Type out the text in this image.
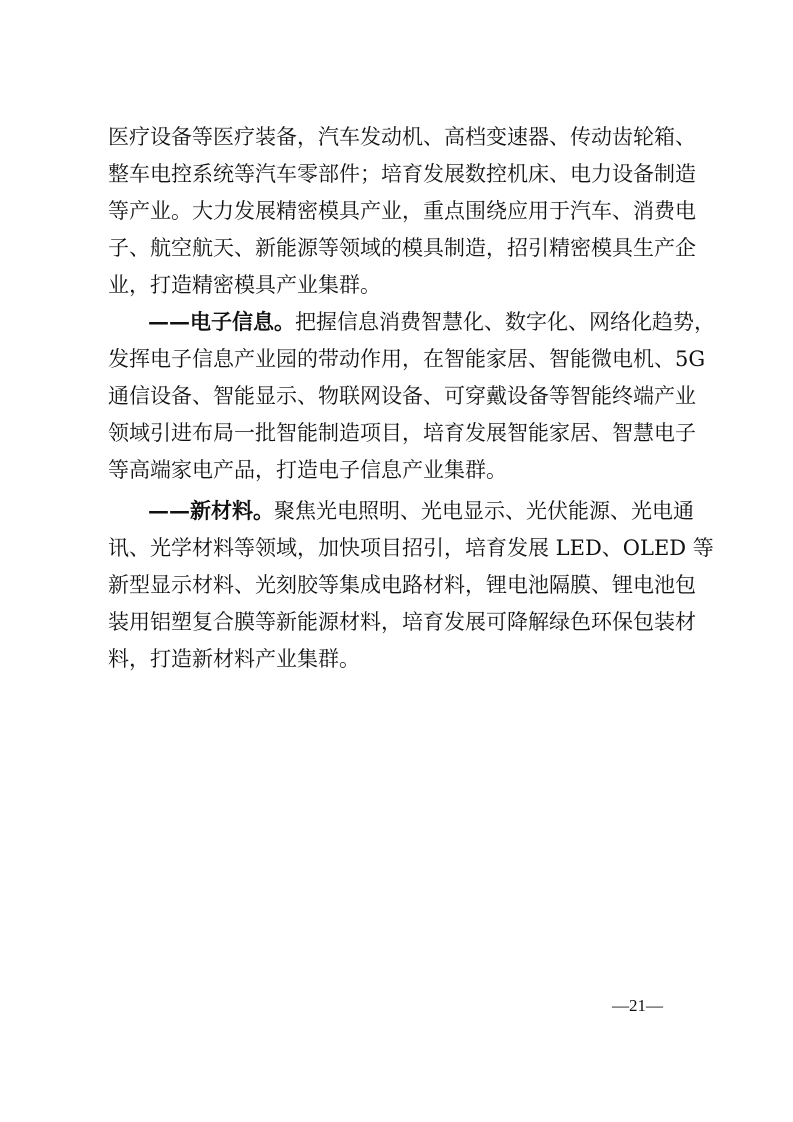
医疗设备等医疗装备，汽车发动机、高档变速器、传动齿轮箱、
整车电控系统等汽车零部件；培育发展数控机床、电力设备制造
等产业。大力发展精密模具产业，重点围绕应用于汽车、消费电
子、航空航天、新能源等领域的模具制造，招引精密模具生产企
业，打造精密模具产业集群。
——电子信息。把握信息消费智慧化、数字化、网络化趋势，
发挥电子信息产业园的带动作用，在智能家居、智能微电机、5G
通信设备、智能显示、物联网设备、可穿戴设备等智能终端产业
领域引进布局一批智能制造项目，培育发展智能家居、智慧电子
等高端家电产品，打造电子信息产业集群。
——新材料。聚焦光电照明、光电显示、光伏能源、光电通
讯、光学材料等领域，加快项目招引，培育发展 LED、OLED 等
新型显示材料、光刻胶等集成电路材料，锂电池隔膜、锂电池包
装用铝塑复合膜等新能源材料，培育发展可降解绿色环保包装材
料，打造新材料产业集群。
—21—
